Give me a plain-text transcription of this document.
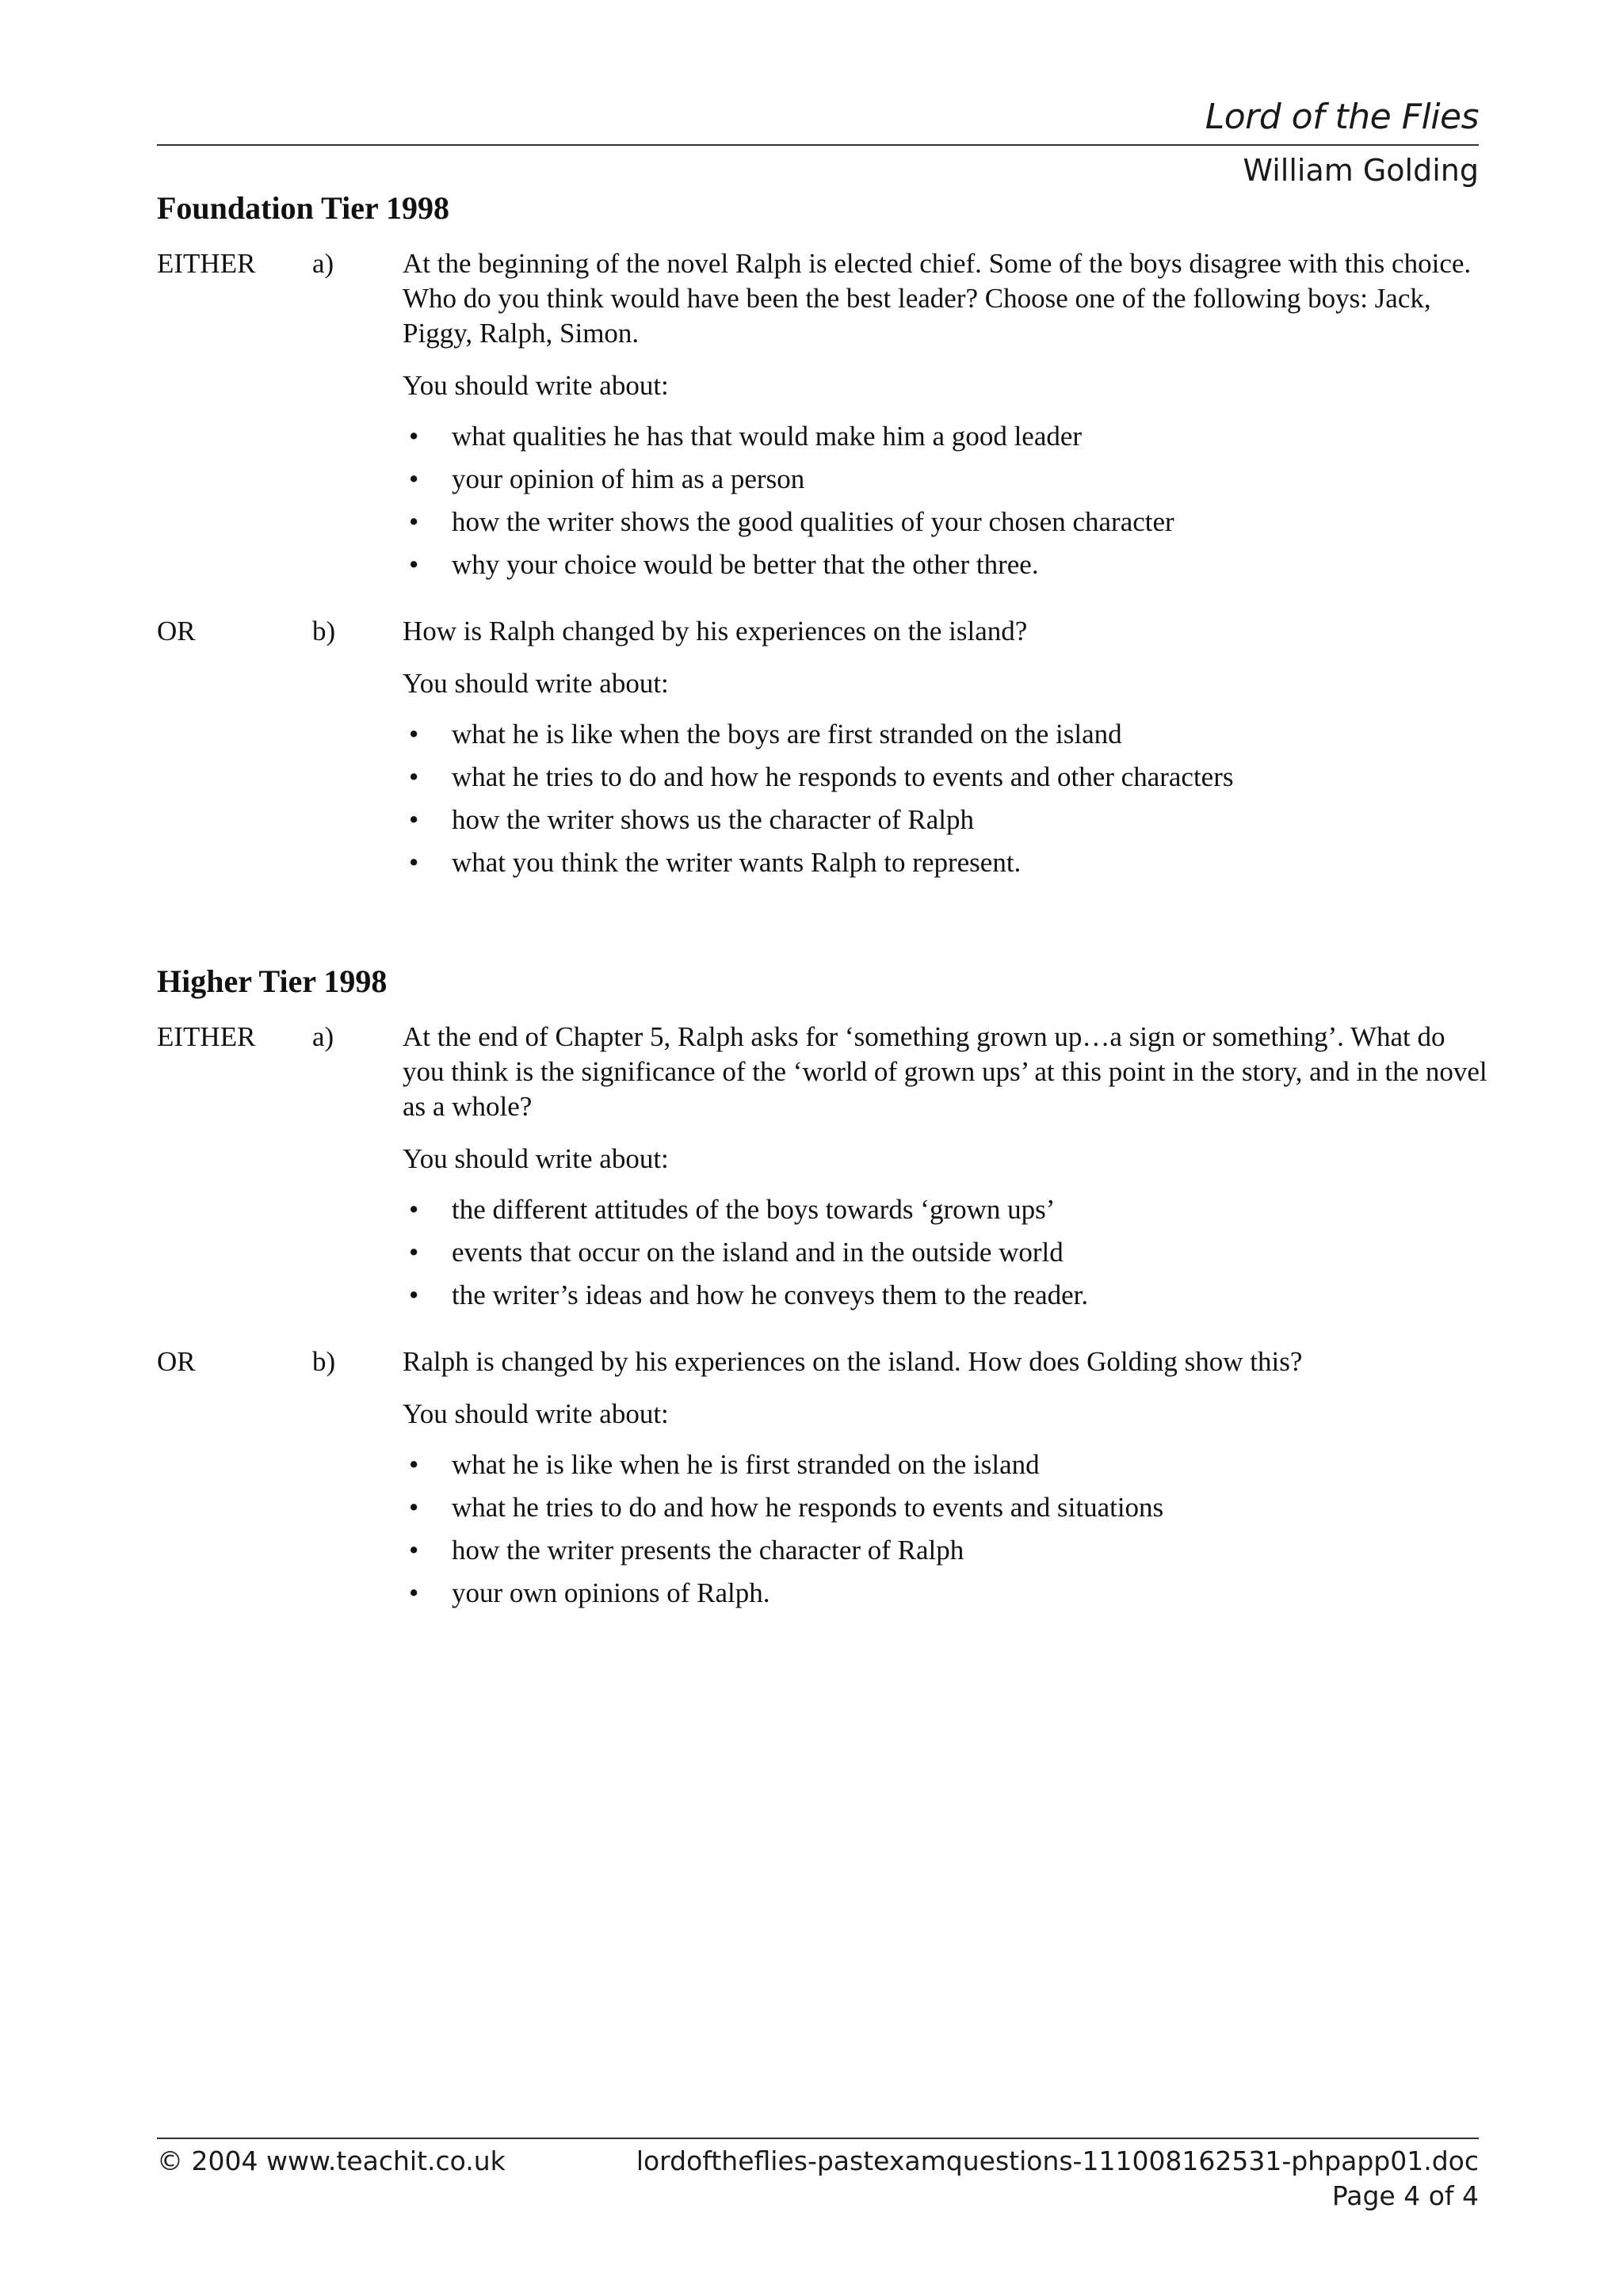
Lord of the Flies
William Golding
Foundation Tier 1998
EITHER	a)	At the beginning of the novel Ralph is elected chief. Some of the boys disagree with this choice. Who do you think would have been the best leader? Choose one of the following boys: Jack, Piggy, Ralph, Simon.

You should write about:

•	what qualities he has that would make him a good leader
•	your opinion of him as a person
•	how the writer shows the good qualities of your chosen character
•	why your choice would be better that the other three.
OR	b)	How is Ralph changed by his experiences on the island?

You should write about:

•	what he is like when the boys are first stranded on the island
•	what he tries to do and how he responds to events and other characters
•	how the writer shows us the character of Ralph
•	what you think the writer wants Ralph to represent.
Higher Tier 1998
EITHER	a)	At the end of Chapter 5, Ralph asks for ‘something grown up…a sign or something’. What do you think is the significance of the ‘world of grown ups’ at this point in the story, and in the novel as a whole?

You should write about:

•	the different attitudes of the boys towards ‘grown ups’
•	events that occur on the island and in the outside world
•	the writer’s ideas and how he conveys them to the reader.
OR	b)	Ralph is changed by his experiences on the island. How does Golding show this?

You should write about:

•	what he is like when he is first stranded on the island
•	what he tries to do and how he responds to events and situations
•	how the writer presents the character of Ralph
•	your own opinions of Ralph.
© 2004 www.teachit.co.uk	lordoftheflies-pastexamquestions-111008162531-phpapp01.doc
Page 4 of 4
